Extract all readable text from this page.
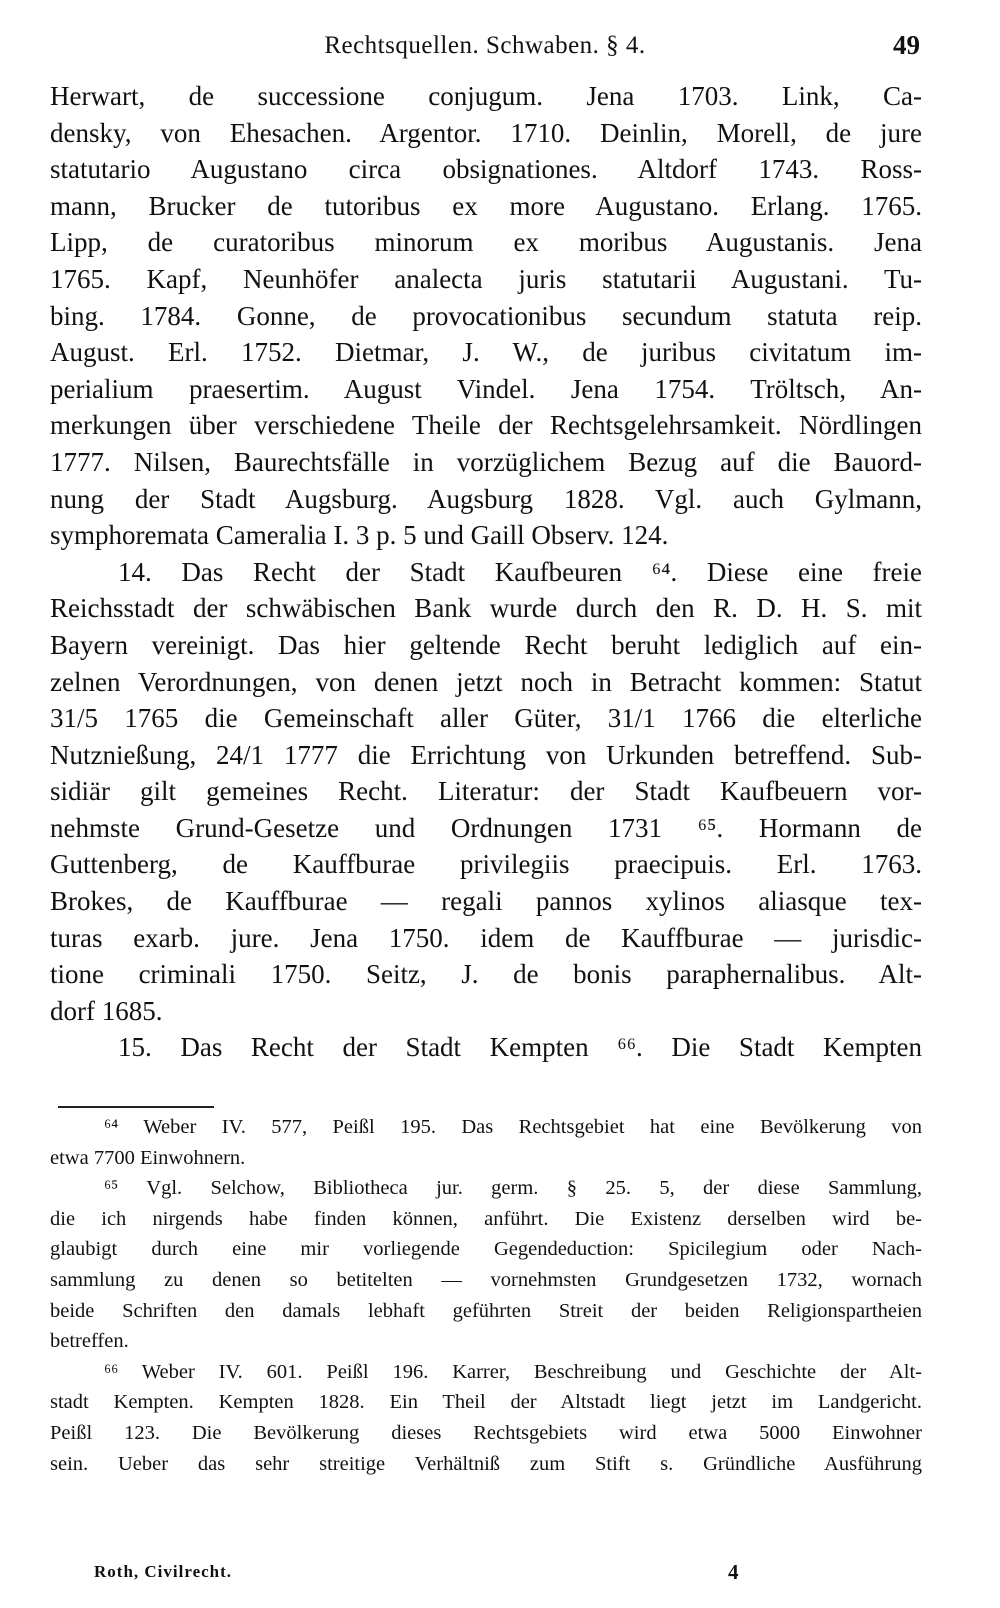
Rechtsquellen. Schwaben. § 4.	49
Herwart, de successione conjugum. Jena 1703. Link, Ca-
densky, von Ehesachen. Argentor. 1710. Deinlin, Morell, de jure
statutario Augustano circa obsignationes. Altdorf 1743. Ross-
mann, Brucker de tutoribus ex more Augustano. Erlang. 1765.
Lipp, de curatoribus minorum ex moribus Augustanis. Jena
1765. Kapf, Neunhöfer analecta juris statutarii Augustani. Tu-
bing. 1784. Gonne, de provocationibus secundum statuta reip.
August. Erl. 1752. Dietmar, J. W., de juribus civitatum im-
perialium praesertim. August Vindel. Jena 1754. Tröltsch, An-
merkungen über verschiedene Theile der Rechtsgelehrsamkeit. Nördlingen
1777. Nilsen, Baurechtsfälle in vorzüglichem Bezug auf die Bauord-
nung der Stadt Augsburg. Augsburg 1828. Vgl. auch Gylmann,
symphoremata Cameralia I. 3 p. 5 und Gaill Observ. 124.
14. Das Recht der Stadt Kaufbeuren ⁶⁴. Diese eine freie
Reichsstadt der schwäbischen Bank wurde durch den R. D. H. S. mit
Bayern vereinigt. Das hier geltende Recht beruht lediglich auf ein-
zelnen Verordnungen, von denen jetzt noch in Betracht kommen: Statut
31/5 1765 die Gemeinschaft aller Güter, 31/1 1766 die elterliche
Nutznießung, 24/1 1777 die Errichtung von Urkunden betreffend. Sub-
sidiär gilt gemeines Recht. Literatur: der Stadt Kaufbeuern vor-
nehmste Grund-Gesetze und Ordnungen 1731 ⁶⁵. Hormann de
Guttenberg, de Kauffburae privilegiis praecipuis. Erl. 1763.
Brokes, de Kauffburae — regali pannos xylinos aliasque tex-
turas exarb. jure. Jena 1750. idem de Kauffburae — jurisdic-
tione criminali 1750. Seitz, J. de bonis paraphernalibus. Alt-
dorf 1685.
15. Das Recht der Stadt Kempten ⁶⁶. Die Stadt Kempten
⁶⁴ Weber IV. 577, Peißl 195. Das Rechtsgebiet hat eine Bevölkerung von
etwa 7700 Einwohnern.
⁶⁵ Vgl. Selchow, Bibliotheca jur. germ. § 25. 5, der diese Sammlung,
die ich nirgends habe finden können, anführt. Die Existenz derselben wird be-
glaubigt durch eine mir vorliegende Gegendeduction: Spicilegium oder Nach-
sammlung zu denen so betitelten — vornehmsten Grundgesetzen 1732, wornach
beide Schriften den damals lebhaft geführten Streit der beiden Religionspartheien
betreffen.
⁶⁶ Weber IV. 601. Peißl 196. Karrer, Beschreibung und Geschichte der Alt-
stadt Kempten. Kempten 1828. Ein Theil der Altstadt liegt jetzt im Landgericht.
Peißl 123. Die Bevölkerung dieses Rechtsgebiets wird etwa 5000 Einwohner
sein. Ueber das sehr streitige Verhältniß zum Stift s. Gründliche Ausführung
Roth, Civilrecht.	4
